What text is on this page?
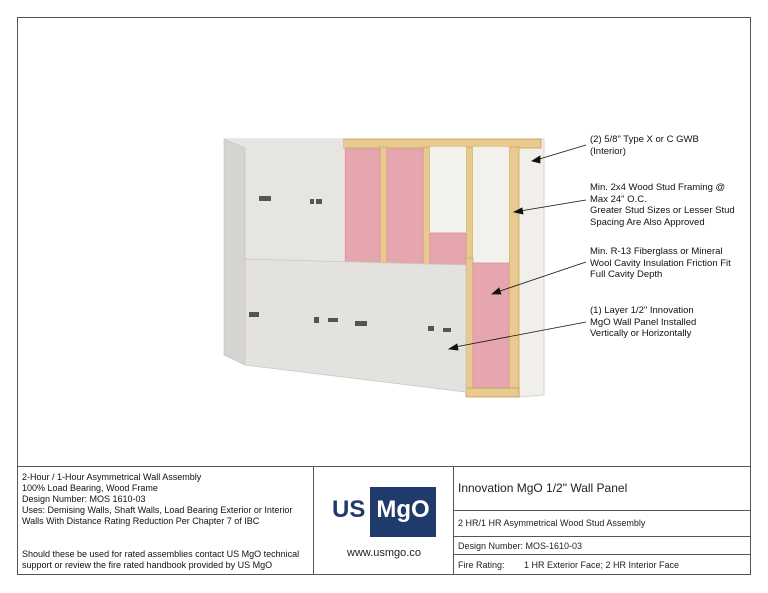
(2) 5/8" Type X or C GWB
(Interior)
Min. 2x4 Wood Stud Framing @
Max 24" O.C.
Greater Stud Sizes or Lesser Stud
Spacing Are Also Approved
Min. R-13 Fiberglass or Mineral
Wool Cavity Insulation Friction Fit
Full Cavity Depth
(1) Layer 1/2" Innovation
MgO Wall Panel Installed
Vertically or Horizontally

2-Hour / 1-Hour Asymmetrical Wall Assembly

100% Load Bearing, Wood Frame

Design Number: MOS 1610-03

Uses: Demising Walls, Shaft Walls, Load Bearing Exterior or Interior

Walls With Distance Rating Reduction Per Chapter 7 of IBC

Should these be used for rated assemblies contact US MgO technical

support or review the fire rated handbook provided by US MgO

US MgO
www.usmgo.co
Innovation MgO 1/2" Wall Panel
2 HR/1 HR Asymmetrical Wood Stud Assembly
Design Number: MOS-1610-03
Fire Rating: 1 HR Exterior Face; 2 HR Interior Face
